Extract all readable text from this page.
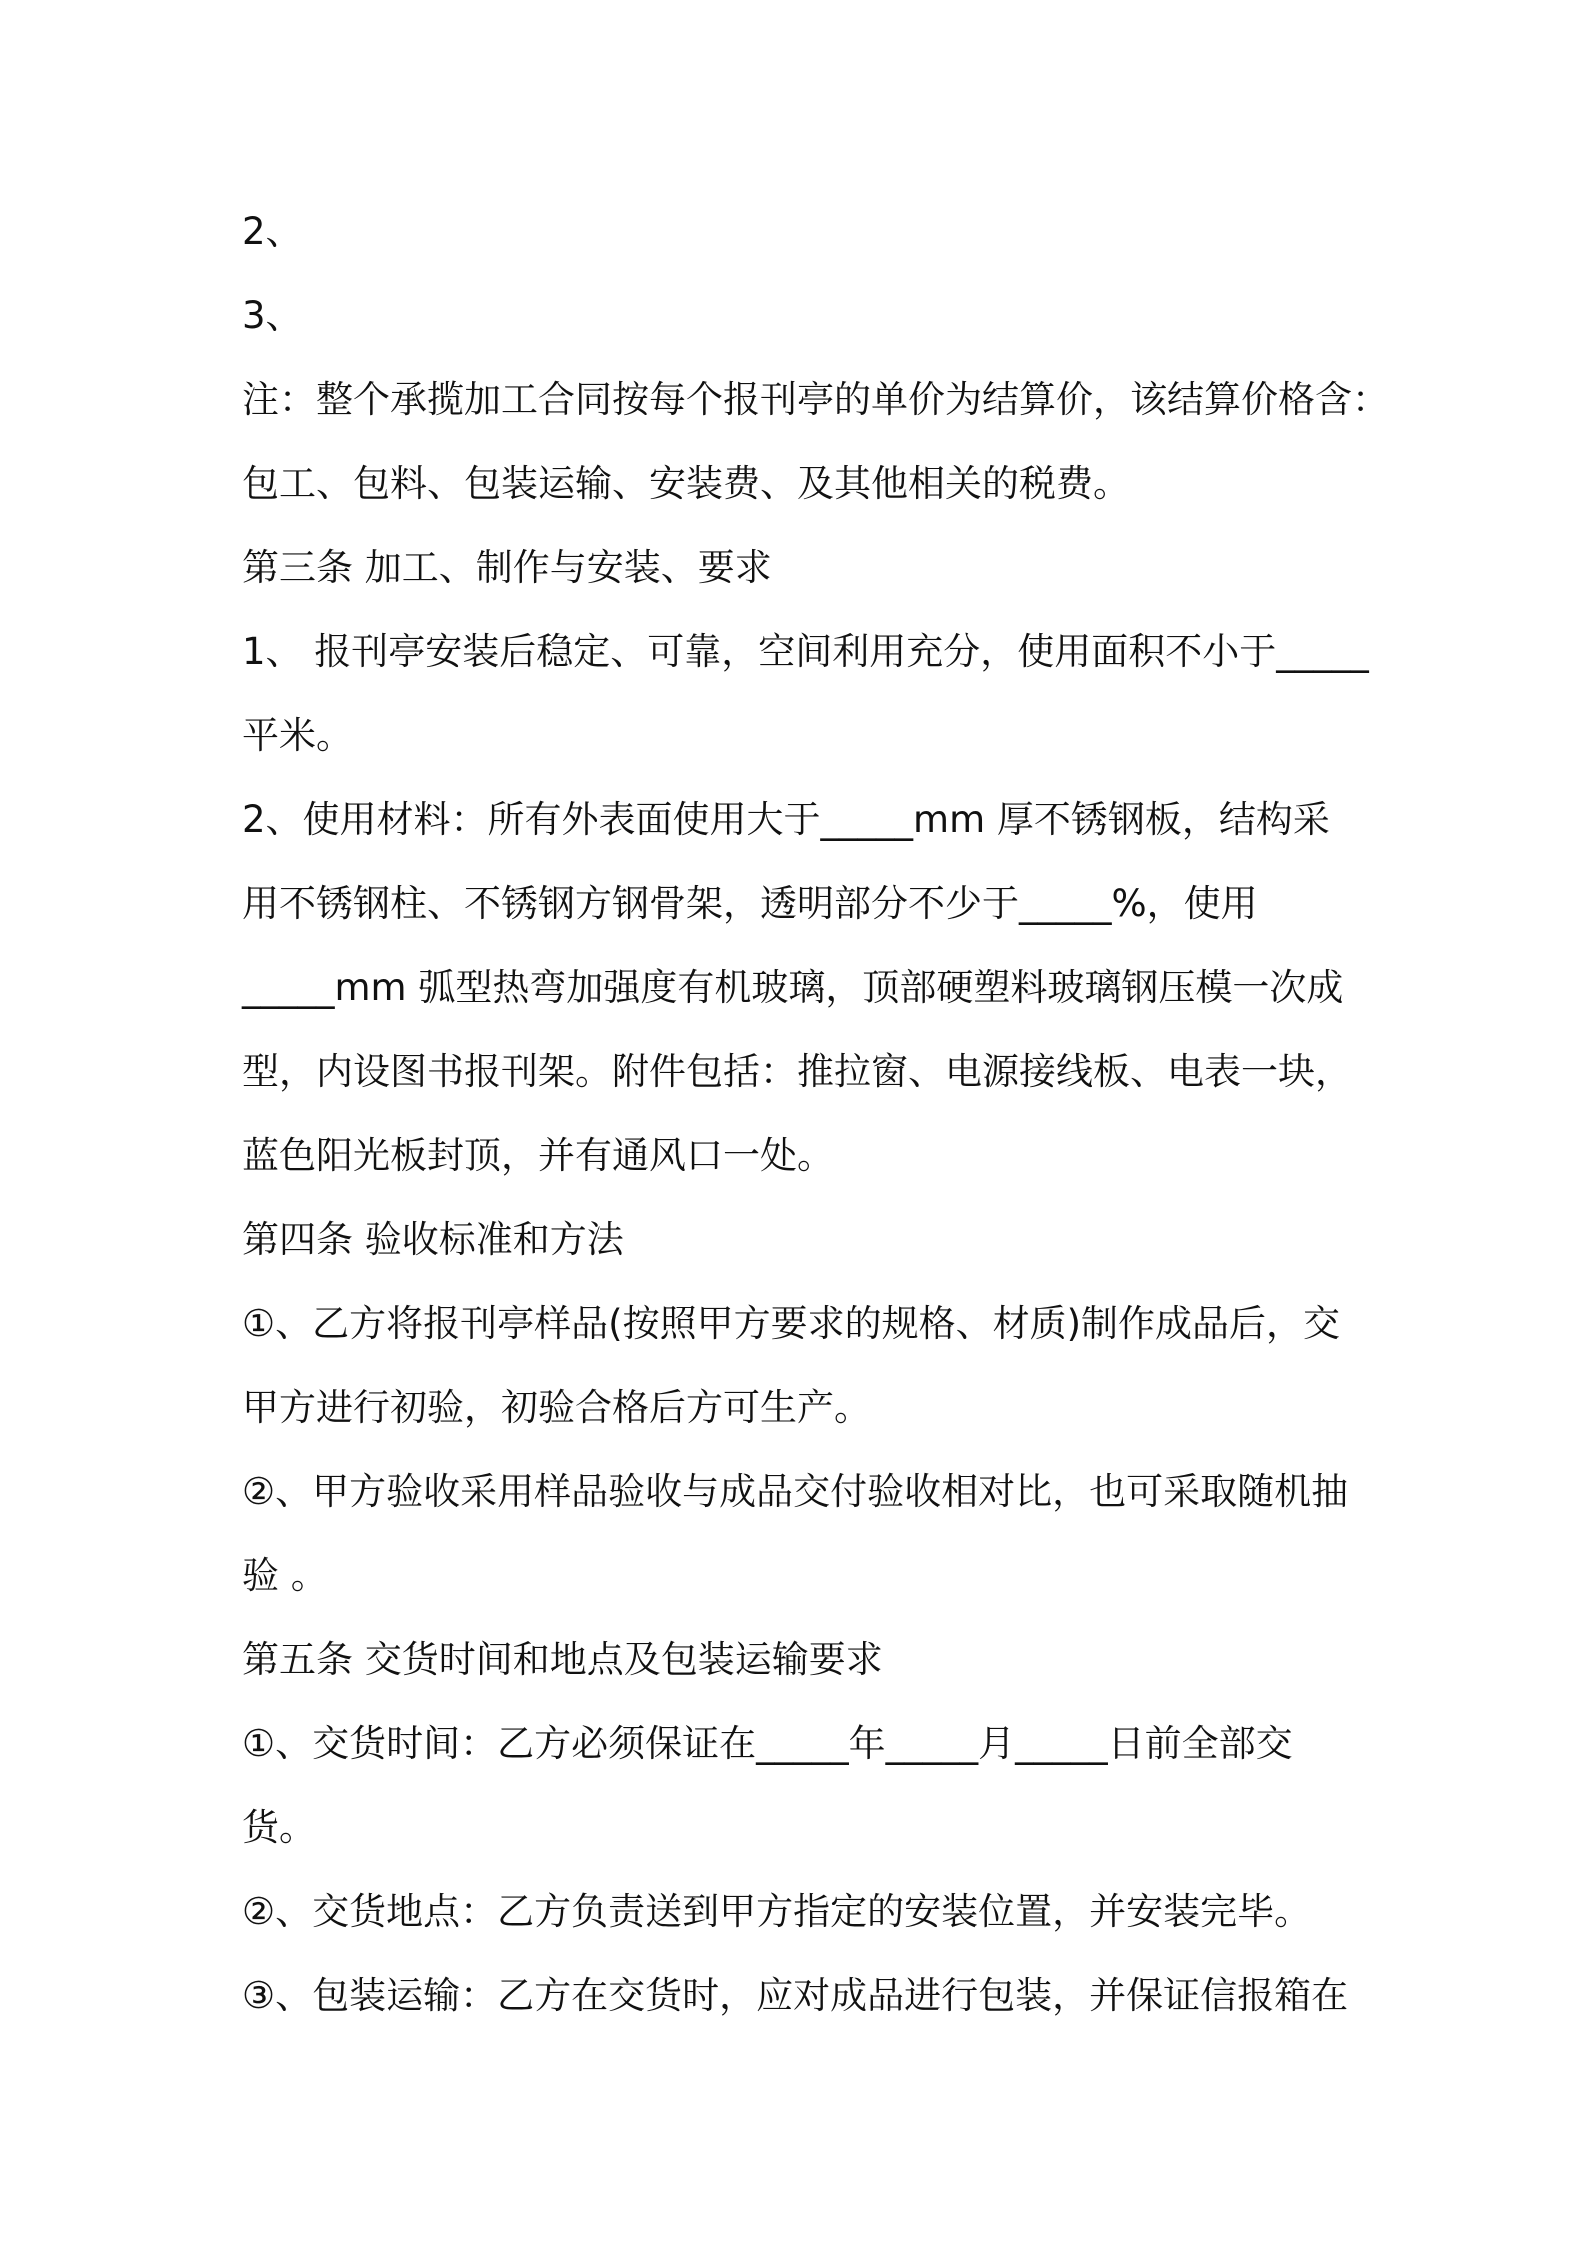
2、
3、
注：整个承揽加工合同按每个报刊亭的单价为结算价，该结算价格含：
包工、包料、包装运输、安装费、及其他相关的税费。
第三条 加工、制作与安装、要求
1、 报刊亭安装后稳定、可靠，空间利用充分，使用面积不小于_____
平米。
2、使用材料：所有外表面使用大于_____mm 厚不锈钢板，结构采
用不锈钢柱、不锈钢方钢骨架，透明部分不少于_____%，使用
_____mm 弧型热弯加强度有机玻璃，顶部硬塑料玻璃钢压模一次成
型，内设图书报刊架。附件包括：推拉窗、电源接线板、电表一块，
蓝色阳光板封顶，并有通风口一处。
第四条 验收标准和方法
①、乙方将报刊亭样品(按照甲方要求的规格、材质)制作成品后，交
甲方进行初验，初验合格后方可生产。
②、甲方验收采用样品验收与成品交付验收相对比，也可采取随机抽
验 。
第五条 交货时间和地点及包装运输要求
①、交货时间：乙方必须保证在_____年_____月_____日前全部交
货。
②、交货地点：乙方负责送到甲方指定的安装位置，并安装完毕。
③、包装运输：乙方在交货时，应对成品进行包装，并保证信报箱在
